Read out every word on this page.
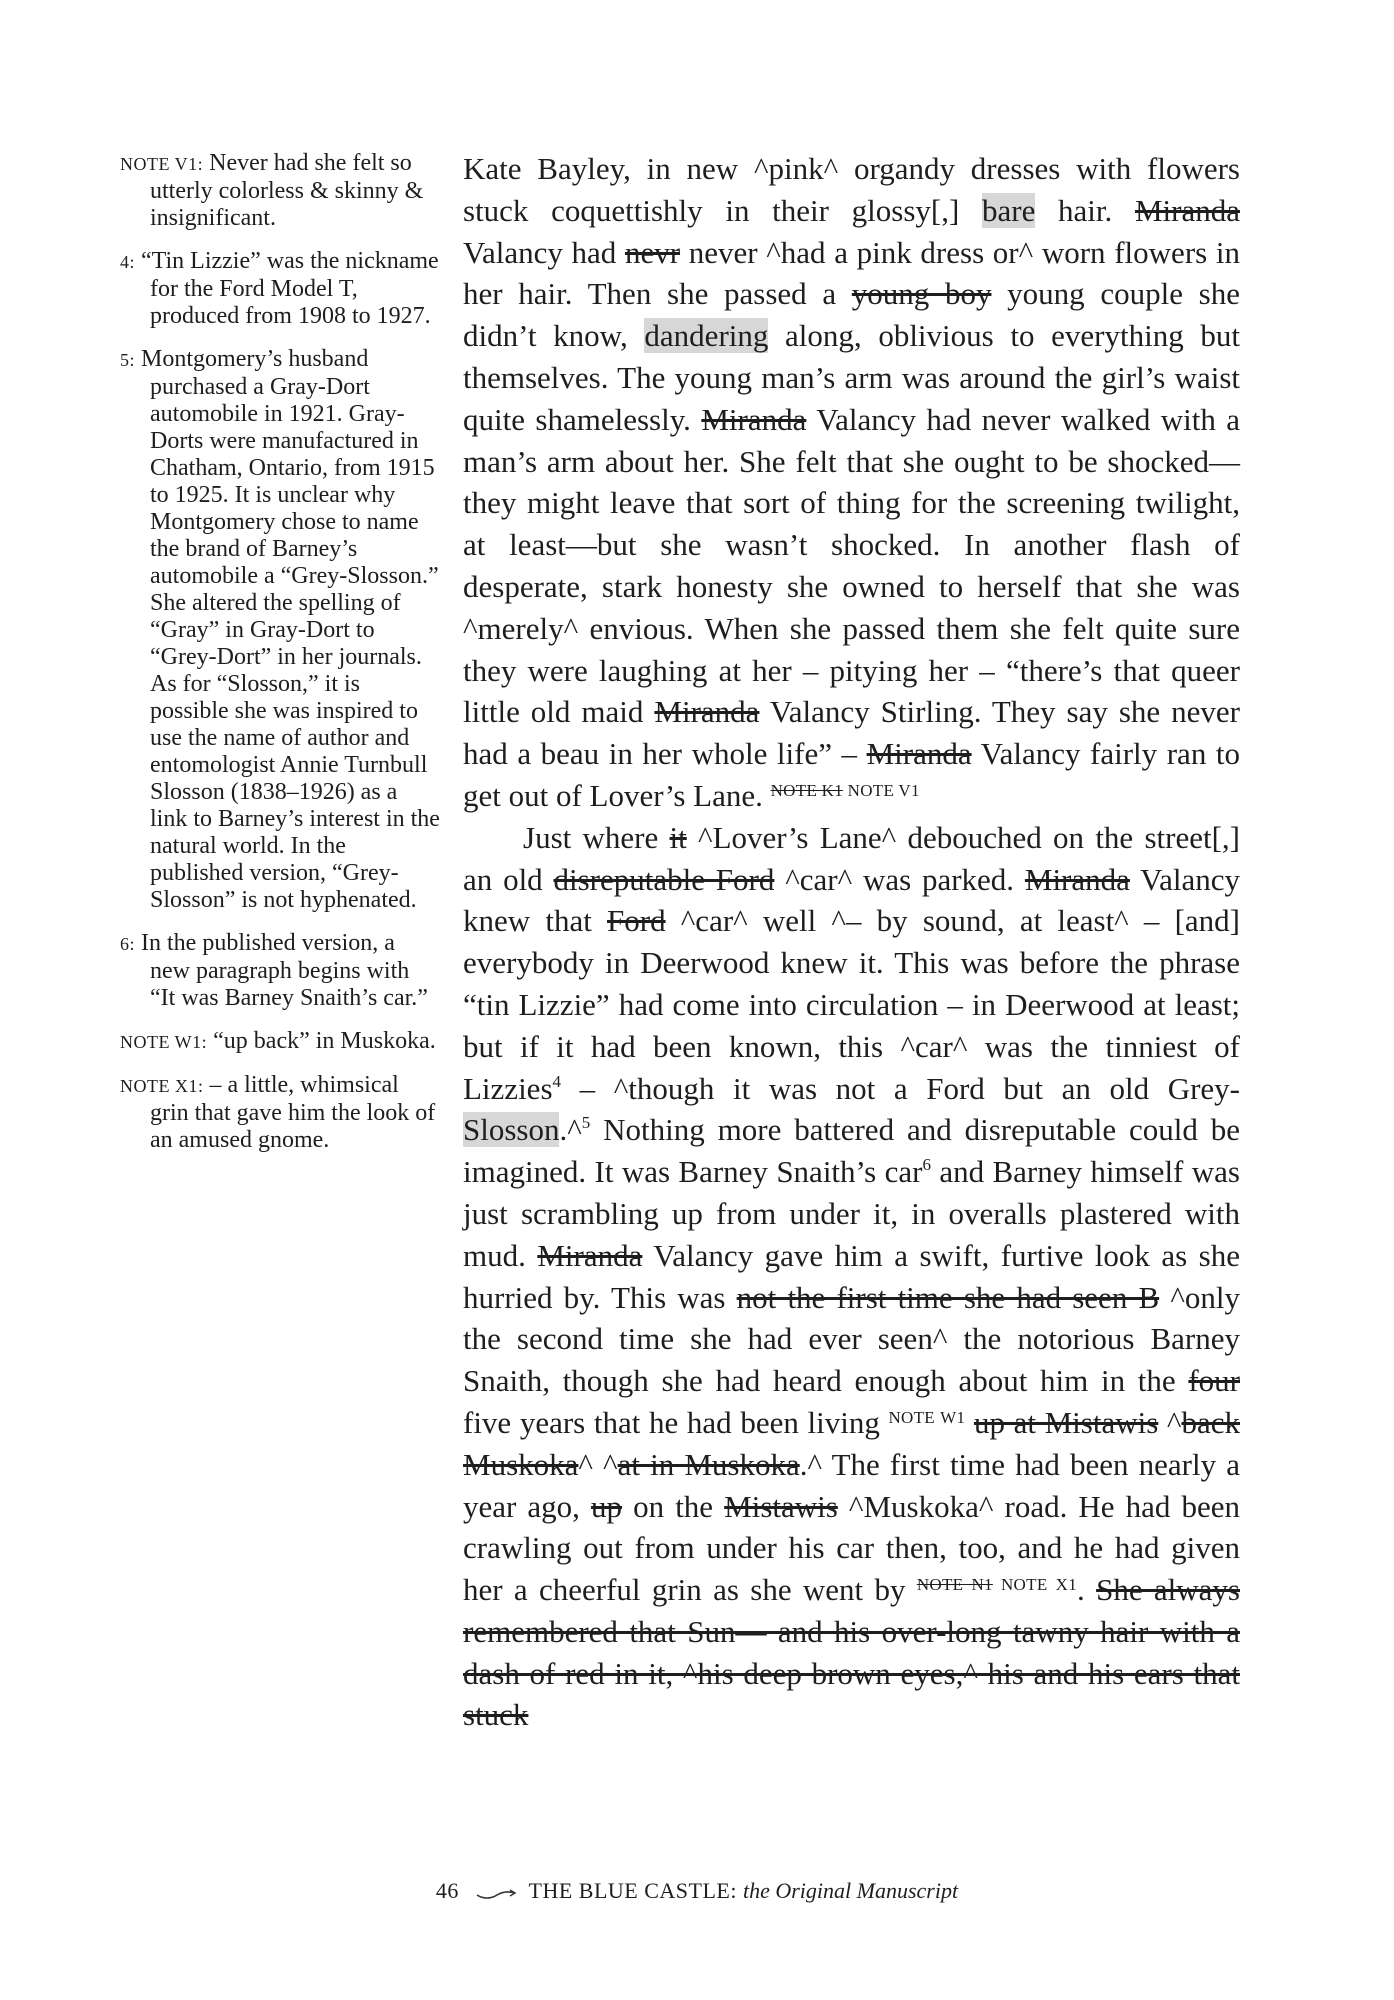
NOTE V1: Never had she felt so utterly colorless & skinny & insignificant.
4: “Tin Lizzie” was the nickname for the Ford Model T, produced from 1908 to 1927.
5: Montgomery’s husband purchased a Gray-Dort automobile in 1921. Gray-Dorts were manufactured in Chatham, Ontario, from 1915 to 1925. It is unclear why Montgomery chose to name the brand of Barney’s automobile a “Grey-Slosson.” She altered the spelling of “Gray” in Gray-Dort to “Grey-Dort” in her journals. As for “Slosson,” it is possible she was inspired to use the name of author and entomologist Annie Turnbull Slosson (1838–1926) as a link to Barney’s interest in the natural world. In the published version, “Grey-Slosson” is not hyphenated.
6: In the published version, a new paragraph begins with “It was Barney Snaith’s car.”
NOTE W1: “up back” in Muskoka.
NOTE X1: – a little, whimsical grin that gave him the look of an amused gnome.

Kate Bayley, in new ^pink^ organdy dresses with flowers stuck coquettishly in their glossy[,] bare hair. Miranda Valancy had nevr never ^had a pink dress or^ worn flowers in her hair. Then she passed a young boy young couple she didn’t know, dandering along, oblivious to everything but themselves. The young man’s arm was around the girl’s waist quite shamelessly. Miranda Valancy had never walked with a man’s arm about her. She felt that she ought to be shocked—they might leave that sort of thing for the screening twilight, at least—but she wasn’t shocked. In another flash of desperate, stark honesty she owned to herself that she was ^merely^ envious. When she passed them she felt quite sure they were laughing at her – pitying her – “there’s that queer little old maid Miranda Valancy Stirling. They say she never had a beau in her whole life” – Miranda Valancy fairly ran to get out of Lover’s Lane. $^{NOTE K1}$ $^{NOTE V1}$

Just where it ^Lover’s Lane^ debouched on the street[,] an old disreputable Ford ^car^ was parked. Miranda Valancy knew that Ford ^car^ well ^– by sound, at least^ – [and] everybody in Deerwood knew it. This was before the phrase “tin Lizzie” had come into circulation – in Deerwood at least; but if it had been known, this ^car^ was the tinniest of Lizzies$^4$ – ^though it was not a Ford but an old Grey-Slosson.^$^5$ Nothing more battered and disreputable could be imagined. It was Barney Snaith’s car$^6$ and Barney himself was just scrambling up from under it, in overalls plastered with mud. Miranda Valancy gave him a swift, furtive look as she hurried by. This was not the first time she had seen B ^only the second time she had ever seen^ the notorious Barney Snaith, though she had heard enough about him in the four five years that he had been living $^{NOTE W1}$ up at Mistawis ^back Muskoka^ ^at in Muskoka.^ The first time had been nearly a year ago, up on the Mistawis ^Muskoka^ road. He had been crawling out from under his car then, too, and he had given her a cheerful grin as she went by $^{NOTE N1}$ $^{NOTE X1}$. She always remembered that Sun— and his over-long tawny hair with a dash of red in it, ^his deep brown eyes,^ his and his ears that stuck

46	THE BLUE CASTLE: the Original Manuscript
